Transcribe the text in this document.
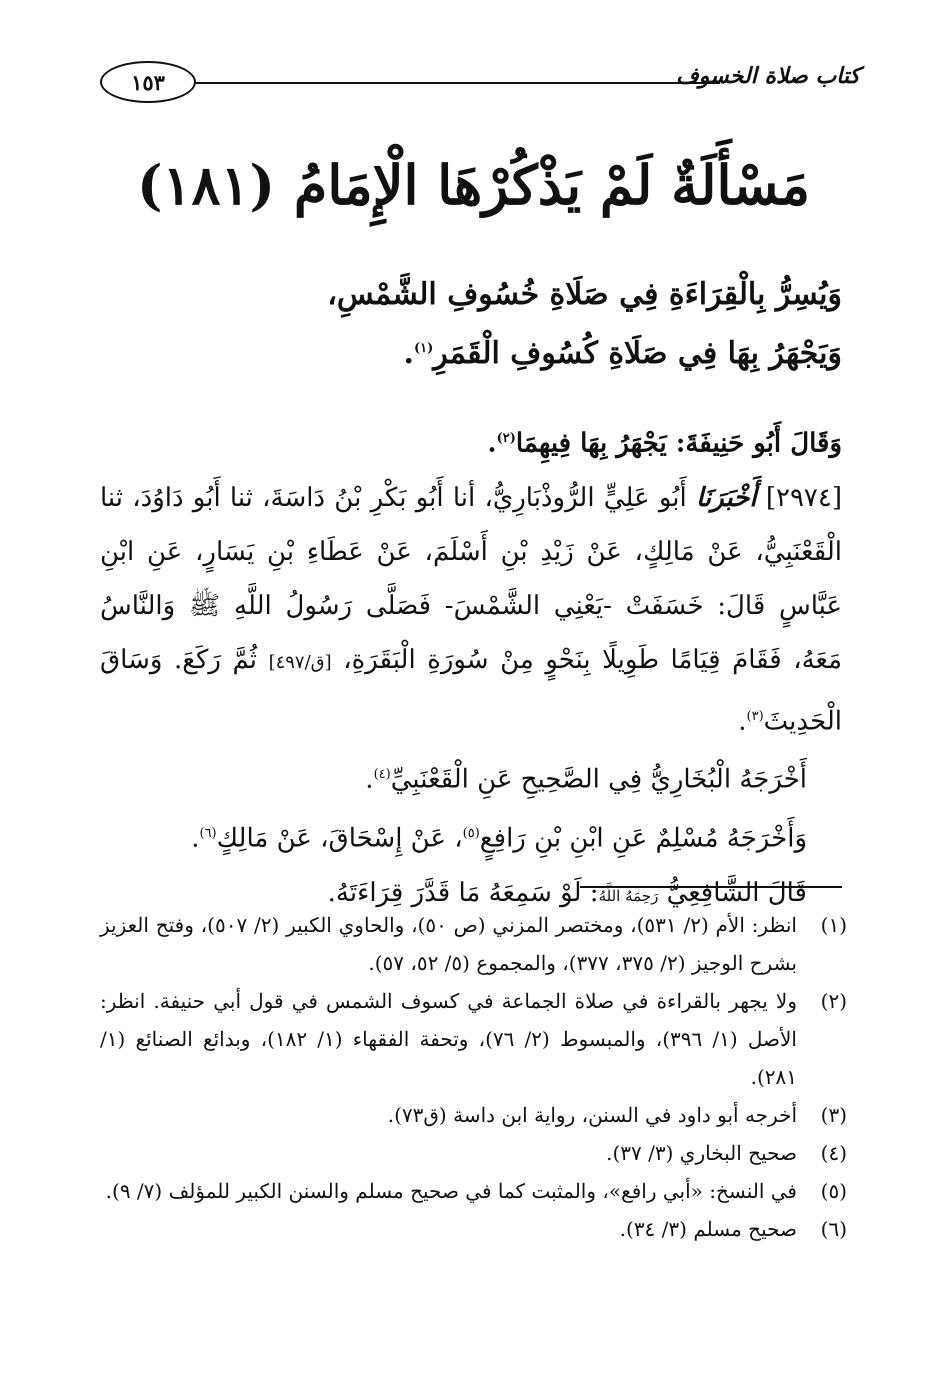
كتاب صلاة الخسوف
١٥٣
مَسْأَلَةٌ لَمْ يَذْكُرْهَا الْإِمَامُ (١٨١)
وَيُسِرُّ بِالْقِرَاءَةِ فِي صَلَاةِ خُسُوفِ الشَّمْسِ،
وَيَجْهَرُ بِهَا فِي صَلَاةِ كُسُوفِ الْقَمَرِ$^{(١)}$.

وَقَالَ أَبُو حَنِيفَةَ: يَجْهَرُ بِهَا فِيهِمَا$^{(٢)}$.

[٢٩٧٤] أَخْبَرَنَا أَبُو عَلِيٍّ الرُّوذْبَارِيُّ، أنا أَبُو بَكْرِ بْنُ دَاسَةَ، ثنا أَبُو دَاوُدَ، ثنا الْقَعْنَبِيُّ، عَنْ مَالِكٍ، عَنْ زَيْدِ بْنِ أَسْلَمَ، عَنْ عَطَاءِ بْنِ يَسَارٍ، عَنِ ابْنِ عَبَّاسٍ قَالَ: خَسَفَتْ -يَعْنِي الشَّمْسَ- فَصَلَّى رَسُولُ اللَّهِ ﷺ وَالنَّاسُ مَعَهُ، فَقَامَ قِيَامًا طَوِيلًا بِنَحْوٍ مِنْ سُورَةِ الْبَقَرَةِ، [ق/٤٩٧] ثُمَّ رَكَعَ. وَسَاقَ الْحَدِيثَ$^{(٣)}$.

أَخْرَجَهُ الْبُخَارِيُّ فِي الصَّحِيحِ عَنِ الْقَعْنَبِيِّ$^{(٤)}$.

وَأَخْرَجَهُ مُسْلِمٌ عَنِ ابْنِ بْنِ رَافِعٍ$^{(٥)}$، عَنْ إِسْحَاقَ، عَنْ مَالِكٍ$^{(٦)}$.

قَالَ الشَّافِعِيُّ رَحِمَهُ اللَّهُ: لَوْ سَمِعَهُ مَا قَدَّرَ قِرَاءَتَهُ.

(١)
انظر: الأم (٢/ ٥٣١)، ومختصر المزني (ص ٥٠)، والحاوي الكبير (٢/ ٥٠٧)، وفتح العزيز بشرح الوجيز (٢/ ٣٧٥، ٣٧٧)، والمجموع (٥/ ٥٢، ٥٧).
(٢)
ولا يجهر بالقراءة في صلاة الجماعة في كسوف الشمس في قول أبي حنيفة. انظر: الأصل (١/ ٣٩٦)، والمبسوط (٢/ ٧٦)، وتحفة الفقهاء (١/ ١٨٢)، وبدائع الصنائع (١/ ٢٨١).
(٣)
أخرجه أبو داود في السنن، رواية ابن داسة (ق٧٣).
(٤)
صحيح البخاري (٣/ ٣٧).
(٥)
في النسخ: «أبي رافع»، والمثبت كما في صحيح مسلم والسنن الكبير للمؤلف (٧/ ٩).
(٦)
صحيح مسلم (٣/ ٣٤).
